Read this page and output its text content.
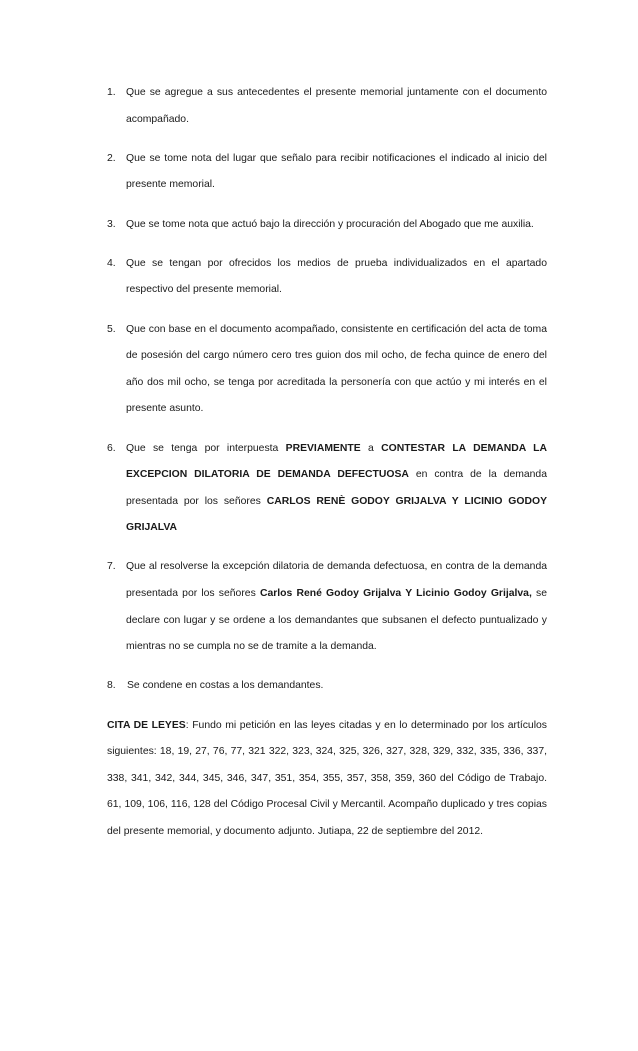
1. Que se agregue a sus antecedentes el presente memorial juntamente con el documento acompañado.
2. Que se tome nota del lugar que señalo para recibir notificaciones el indicado al inicio del presente memorial.
3. Que se tome nota que actuó bajo la dirección y procuración del Abogado que me auxilia.
4. Que se tengan por ofrecidos los medios de prueba individualizados en el apartado respectivo del presente memorial.
5. Que con base en el documento acompañado, consistente en certificación del acta de toma de posesión del cargo número cero tres guion dos mil ocho, de fecha quince de enero del año dos mil ocho, se tenga por acreditada la personería con que actúo y mi interés en el presente asunto.
6. Que se tenga por interpuesta PREVIAMENTE a CONTESTAR LA DEMANDA LA EXCEPCION DILATORIA DE DEMANDA DEFECTUOSA en contra de la demanda presentada por los señores CARLOS RENÈ GODOY GRIJALVA Y LICINIO GODOY GRIJALVA
7. Que al resolverse la excepción dilatoria de demanda defectuosa, en contra de la demanda presentada por los señores Carlos René Godoy Grijalva Y Licinio Godoy Grijalva, se declare con lugar y se ordene a los demandantes que subsanen el defecto puntualizado y mientras no se cumpla no se de tramite a la demanda.
8.	Se condene en costas a los demandantes.
CITA DE LEYES: Fundo mi petición en las leyes citadas y en lo determinado por los artículos siguientes: 18, 19, 27, 76, 77, 321 322, 323, 324, 325, 326, 327, 328, 329, 332, 335, 336, 337, 338, 341, 342, 344, 345, 346, 347, 351, 354, 355, 357, 358, 359, 360 del Código de Trabajo. 61, 109, 106, 116, 128 del Código Procesal Civil y Mercantil. Acompaño duplicado y tres copias del presente memorial, y documento adjunto. Jutiapa, 22 de septiembre del 2012.
